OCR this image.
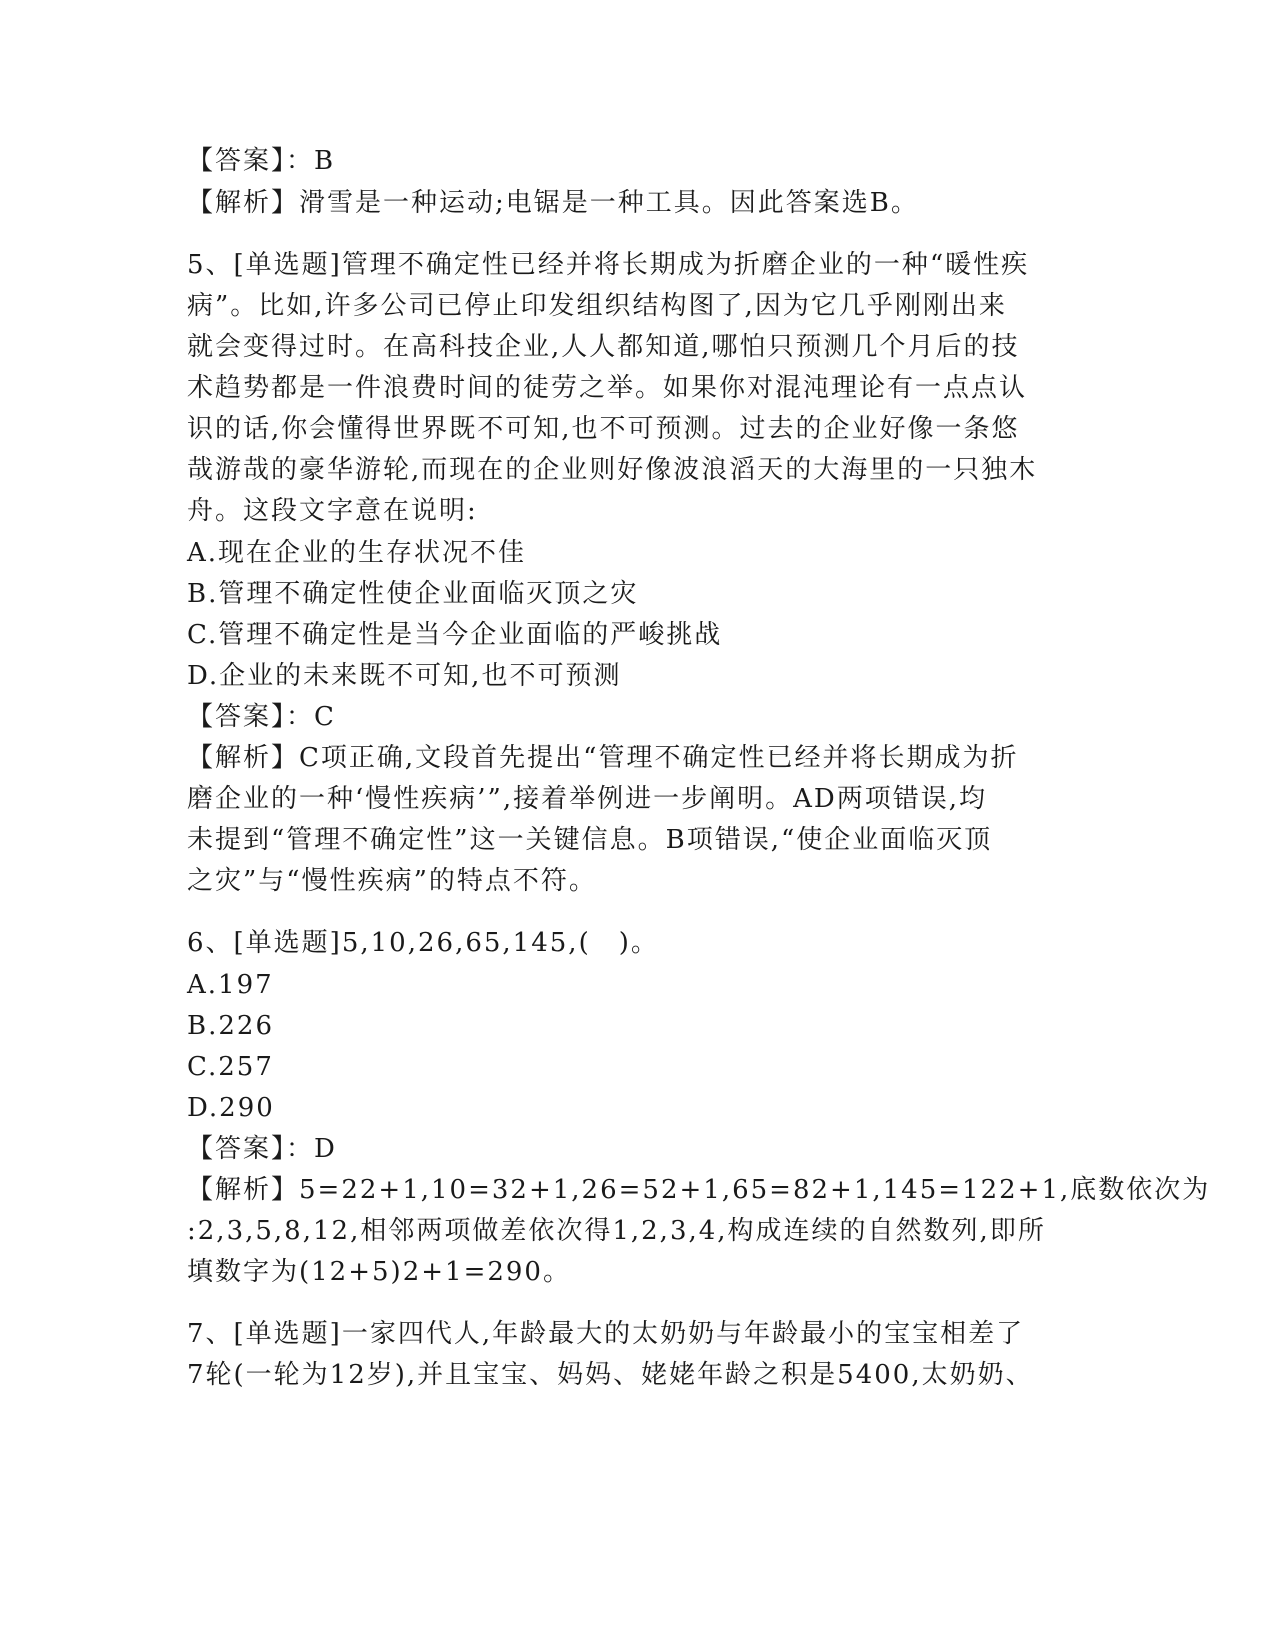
【答案】：B
【解析】滑雪是一种运动;电锯是一种工具。因此答案选B。
5、[单选题]管理不确定性已经并将长期成为折磨企业的一种“暖性疾
病”。比如,许多公司已停止印发组织结构图了,因为它几乎刚刚出来
就会变得过时。在高科技企业,人人都知道,哪怕只预测几个月后的技
术趋势都是一件浪费时间的徒劳之举。如果你对混沌理论有一点点认
识的话,你会懂得世界既不可知,也不可预测。过去的企业好像一条悠
哉游哉的豪华游轮,而现在的企业则好像波浪滔天的大海里的一只独木
舟。这段文字意在说明:
A.现在企业的生存状况不佳
B.管理不确定性使企业面临灭顶之灾
C.管理不确定性是当今企业面临的严峻挑战
D.企业的未来既不可知,也不可预测
【答案】：C
【解析】C项正确,文段首先提出“管理不确定性已经并将长期成为折
磨企业的一种‘慢性疾病’”,接着举例进一步阐明。AD两项错误,均
未提到“管理不确定性”这一关键信息。B项错误,“使企业面临灭顶
之灾”与“慢性疾病”的特点不符。
6、[单选题]5,10,26,65,145,(　)。
A.197
B.226
C.257
D.290
【答案】：D
【解析】5=22+1,10=32+1,26=52+1,65=82+1,145=122+1,底数依次为
:2,3,5,8,12,相邻两项做差依次得1,2,3,4,构成连续的自然数列,即所
填数字为(12+5)2+1=290。
7、[单选题]一家四代人,年龄最大的太奶奶与年龄最小的宝宝相差了
7轮(一轮为12岁),并且宝宝、妈妈、姥姥年龄之积是5400,太奶奶、
